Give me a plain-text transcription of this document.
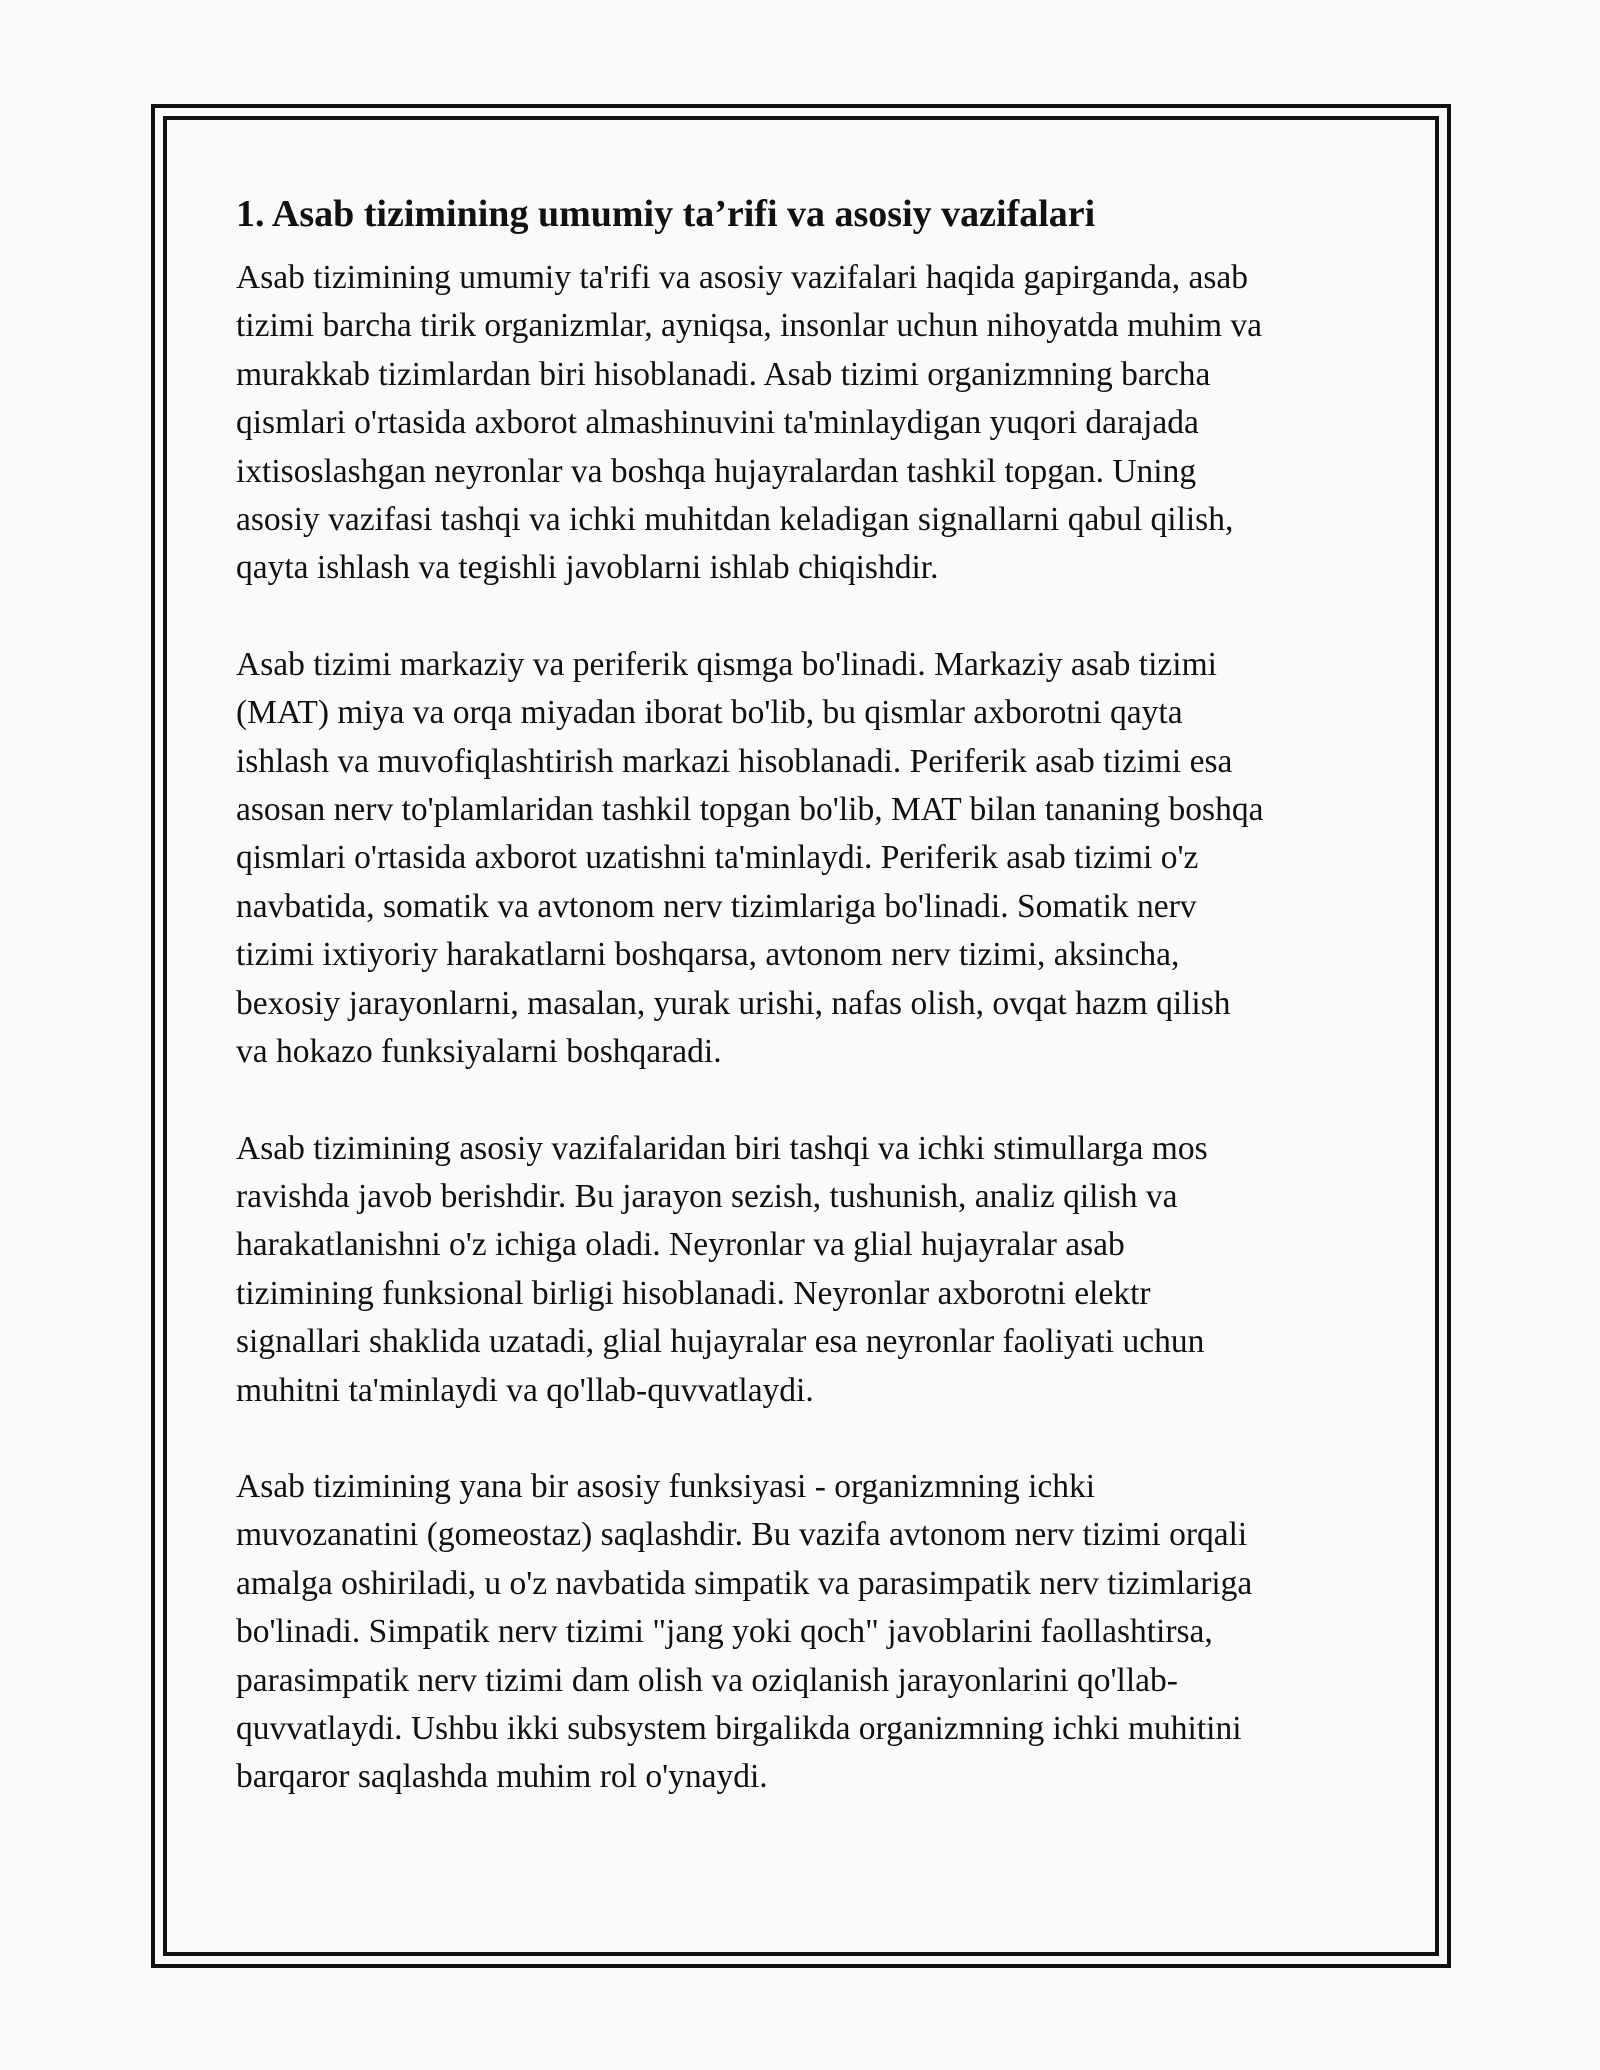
1. Asab tizimining umumiy ta’rifi va asosiy vazifalari

Asab tizimining umumiy ta'rifi va asosiy vazifalari haqida gapirganda, asab
tizimi barcha tirik organizmlar, ayniqsa, insonlar uchun nihoyatda muhim va
murakkab tizimlardan biri hisoblanadi. Asab tizimi organizmning barcha
qismlari o'rtasida axborot almashinuvini ta'minlaydigan yuqori darajada
ixtisoslashgan neyronlar va boshqa hujayralardan tashkil topgan. Uning
asosiy vazifasi tashqi va ichki muhitdan keladigan signallarni qabul qilish,
qayta ishlash va tegishli javoblarni ishlab chiqishdir.

Asab tizimi markaziy va periferik qismga bo'linadi. Markaziy asab tizimi
(MAT) miya va orqa miyadan iborat bo'lib, bu qismlar axborotni qayta
ishlash va muvofiqlashtirish markazi hisoblanadi. Periferik asab tizimi esa
asosan nerv to'plamlaridan tashkil topgan bo'lib, MAT bilan tananing boshqa
qismlari o'rtasida axborot uzatishni ta'minlaydi. Periferik asab tizimi o'z
navbatida, somatik va avtonom nerv tizimlariga bo'linadi. Somatik nerv
tizimi ixtiyoriy harakatlarni boshqarsa, avtonom nerv tizimi, aksincha,
bexosiy jarayonlarni, masalan, yurak urishi, nafas olish, ovqat hazm qilish
va hokazo funksiyalarni boshqaradi.

Asab tizimining asosiy vazifalaridan biri tashqi va ichki stimullarga mos
ravishda javob berishdir. Bu jarayon sezish, tushunish, analiz qilish va
harakatlanishni o'z ichiga oladi. Neyronlar va glial hujayralar asab
tizimining funksional birligi hisoblanadi. Neyronlar axborotni elektr
signallari shaklida uzatadi, glial hujayralar esa neyronlar faoliyati uchun
muhitni ta'minlaydi va qo'llab-quvvatlaydi.

Asab tizimining yana bir asosiy funksiyasi - organizmning ichki
muvozanatini (gomeostaz) saqlashdir. Bu vazifa avtonom nerv tizimi orqali
amalga oshiriladi, u o'z navbatida simpatik va parasimpatik nerv tizimlariga
bo'linadi. Simpatik nerv tizimi "jang yoki qoch" javoblarini faollashtirsa,
parasimpatik nerv tizimi dam olish va oziqlanish jarayonlarini qo'llab-
quvvatlaydi. Ushbu ikki subsystem birgalikda organizmning ichki muhitini
barqaror saqlashda muhim rol o'ynaydi.
